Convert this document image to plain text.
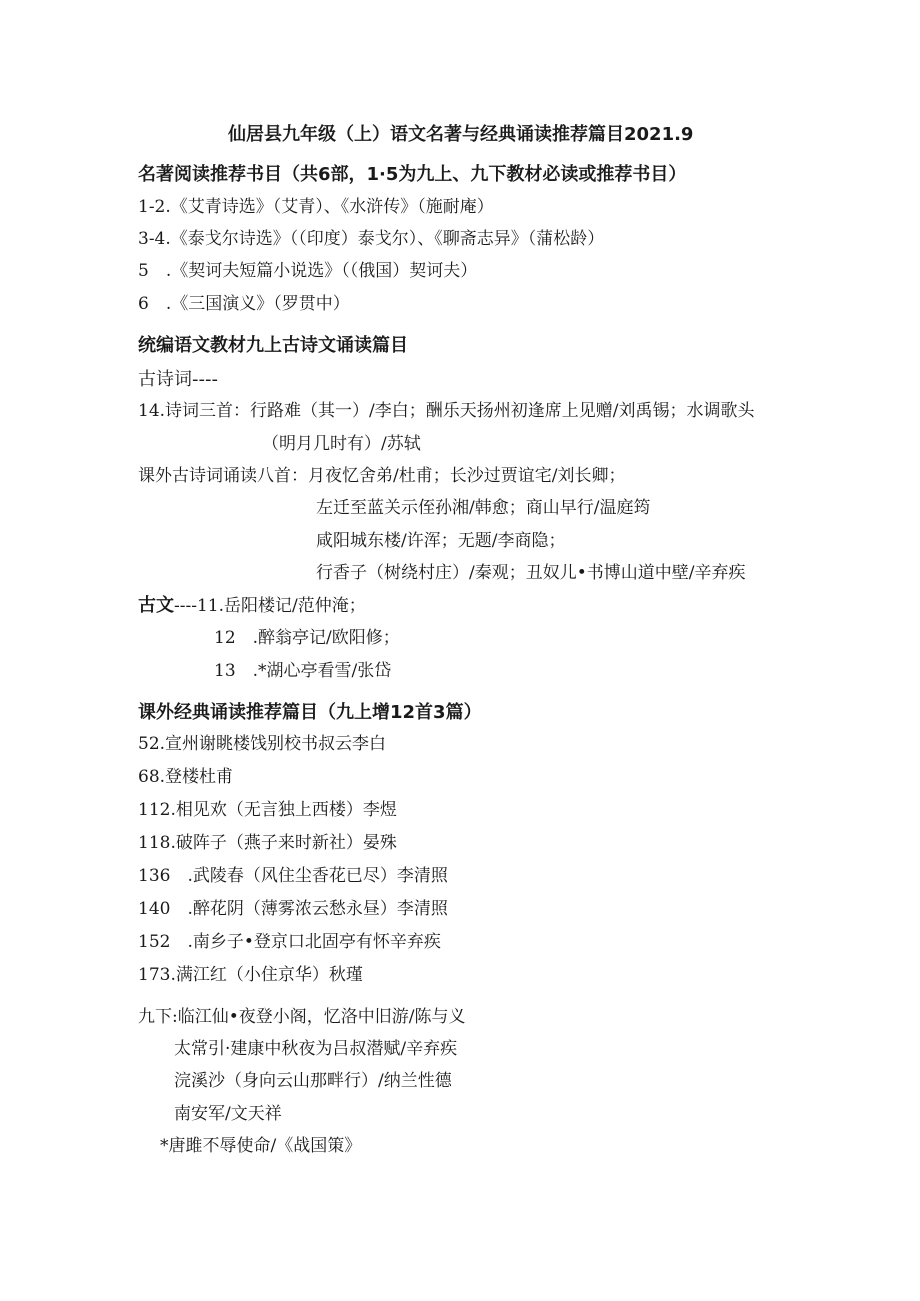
仙居县九年级（上）语文名著与经典诵读推荐篇目2021.9
名著阅读推荐书目（共6部，1·5为九上、九下教材必读或推荐书目）
1-2.《艾青诗选》（艾青）、《水浒传》（施耐庵）
3-4.《泰戈尔诗选》（（印度）泰戈尔）、《聊斋志异》（蒲松龄）
5　.《契诃夫短篇小说选》（（俄国）契诃夫）
6　.《三国演义》（罗贯中）
统编语文教材九上古诗文诵读篇目
古诗词----
14.诗词三首：行路难（其一）/李白；酬乐天扬州初逢席上见赠/刘禹锡；水调歌头
（明月几时有）/苏轼
课外古诗词诵读八首：月夜忆舍弟/杜甫；长沙过贾谊宅/刘长卿；
左迁至蓝关示侄孙湘/韩愈；商山早行/温庭筠
咸阳城东楼/许浑；无题/李商隐；
行香子（树绕村庄）/秦观；丑奴儿•书博山道中壁/辛弃疾
古文----11.岳阳楼记/范仲淹；
12　.醉翁亭记/欧阳修；
13　.*湖心亭看雪/张岱
课外经典诵读推荐篇目（九上增12首3篇）
52.宣州谢眺楼饯别校书叔云李白
68.登楼杜甫
112.相见欢（无言独上西楼）李煜
118.破阵子（燕子来时新社）晏殊
136　.武陵春（风住尘香花已尽）李清照
140　.醉花阴（薄雾浓云愁永昼）李清照
152　.南乡子•登京口北固亭有怀辛弃疾
173.满江红（小住京华）秋瑾
九下:临江仙•夜登小阁，忆洛中旧游/陈与义
太常引·建康中秋夜为吕叔潜赋/辛弃疾
浣溪沙（身向云山那畔行）/纳兰性德
南安军/文天祥
*唐雎不辱使命/《战国策》
